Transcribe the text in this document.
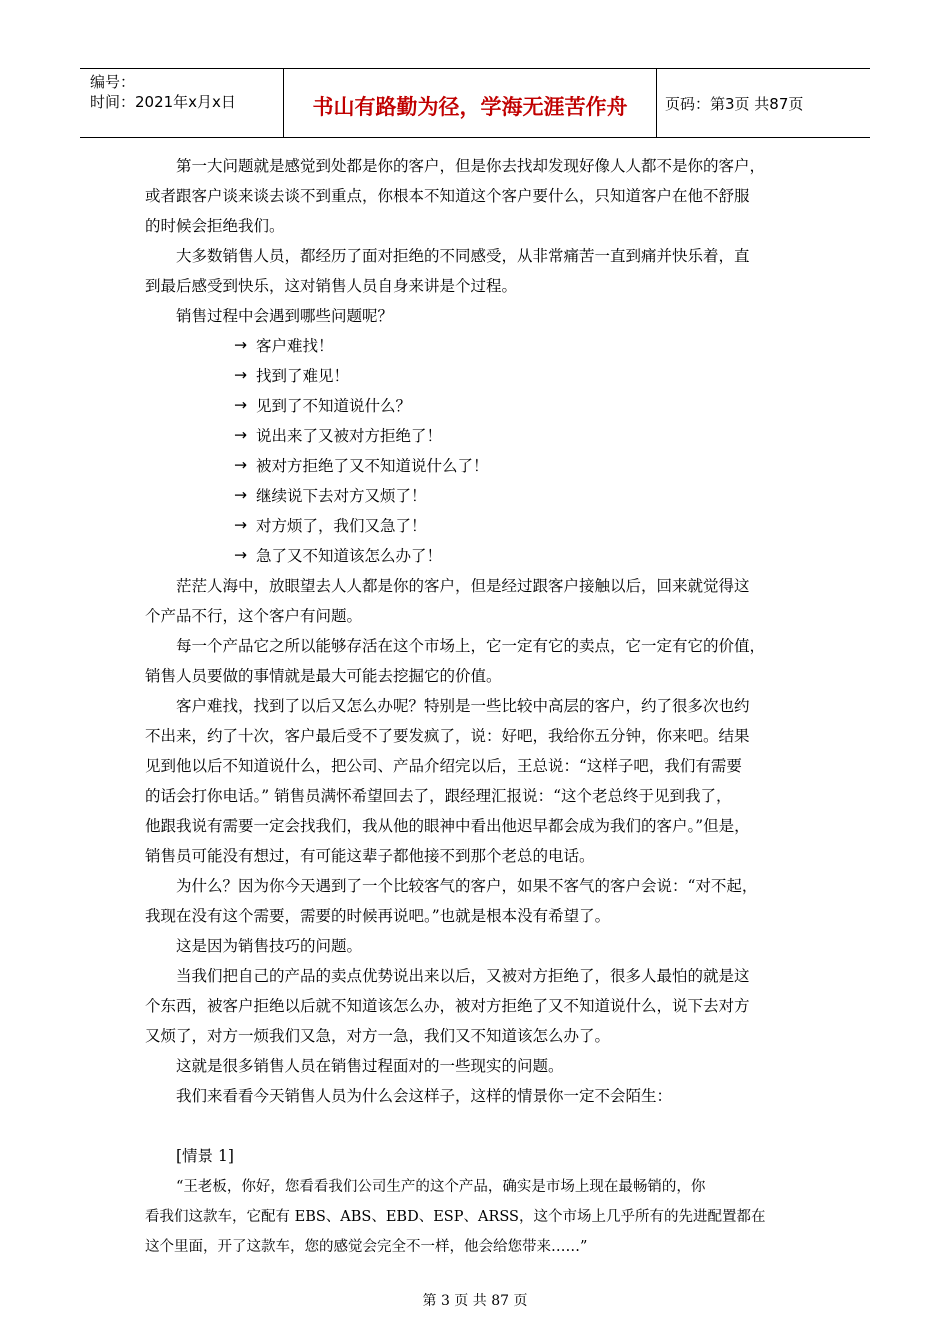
编号：
时间：2021年x月x日	书山有路勤为径，学海无涯苦作舟	页码：第3页 共87页
第一大问题就是感觉到处都是你的客户，但是你去找却发现好像人人都不是你的客户，
或者跟客户谈来谈去谈不到重点，你根本不知道这个客户要什么，只知道客户在他不舒服
的时候会拒绝我们。
大多数销售人员，都经历了面对拒绝的不同感受，从非常痛苦一直到痛并快乐着，直
到最后感受到快乐，这对销售人员自身来讲是个过程。
销售过程中会遇到哪些问题呢？
→ 客户难找！
→ 找到了难见！
→ 见到了不知道说什么？
→ 说出来了又被对方拒绝了！
→ 被对方拒绝了又不知道说什么了！
→ 继续说下去对方又烦了！
→ 对方烦了，我们又急了！
→ 急了又不知道该怎么办了！
茫茫人海中，放眼望去人人都是你的客户，但是经过跟客户接触以后，回来就觉得这
个产品不行，这个客户有问题。
每一个产品它之所以能够存活在这个市场上，它一定有它的卖点，它一定有它的价值，
销售人员要做的事情就是最大可能去挖掘它的价值。
客户难找，找到了以后又怎么办呢？特别是一些比较中高层的客户，约了很多次也约
不出来，约了十次，客户最后受不了要发疯了，说：好吧，我给你五分钟，你来吧。结果
见到他以后不知道说什么，把公司、产品介绍完以后，王总说：“这样子吧，我们有需要
的话会打你电话。” 销售员满怀希望回去了，跟经理汇报说：“这个老总终于见到我了，
他跟我说有需要一定会找我们，我从他的眼神中看出他迟早都会成为我们的客户。”但是，
销售员可能没有想过，有可能这辈子都他接不到那个老总的电话。
为什么？因为你今天遇到了一个比较客气的客户，如果不客气的客户会说：“对不起，
我现在没有这个需要，需要的时候再说吧。”也就是根本没有希望了。
这是因为销售技巧的问题。
当我们把自己的产品的卖点优势说出来以后，又被对方拒绝了，很多人最怕的就是这
个东西，被客户拒绝以后就不知道该怎么办，被对方拒绝了又不知道说什么，说下去对方
又烦了，对方一烦我们又急，对方一急，我们又不知道该怎么办了。
这就是很多销售人员在销售过程面对的一些现实的问题。
我们来看看今天销售人员为什么会这样子，这样的情景你一定不会陌生：
[情景 1]
“王老板，你好，您看看我们公司生产的这个产品，确实是市场上现在最畅销的，你
看我们这款车，它配有 EBS、ABS、EBD、ESP、ARSS，这个市场上几乎所有的先进配置都在
这个里面，开了这款车，您的感觉会完全不一样，他会给您带来……”
第 3 页 共 87 页
